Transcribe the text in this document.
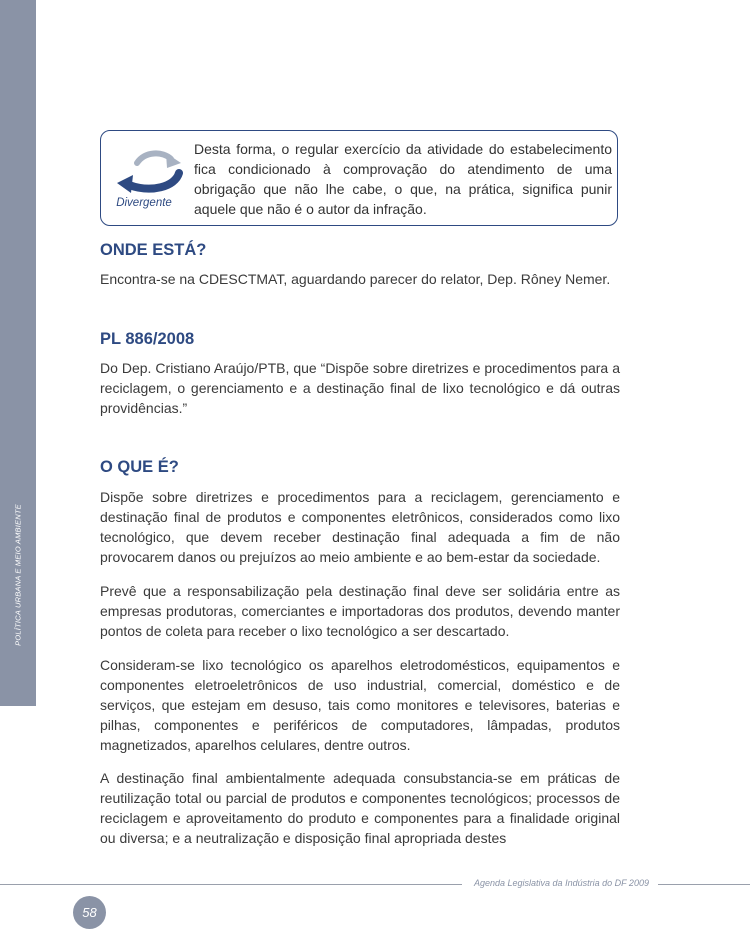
POLÍTICA URBANA E MEIO AMBIENTE
Divergente
Desta forma, o regular exercício da atividade do estabelecimento fica condicionado à comprovação do atendimento de uma obrigação que não lhe cabe, o que, na prática, significa punir aquele que não é o autor da infração.
ONDE ESTÁ?
Encontra-se na CDESCTMAT, aguardando parecer do relator, Dep. Rôney Nemer.
PL 886/2008
Do Dep. Cristiano Araújo/PTB, que “Dispõe sobre diretrizes e procedimentos para a reciclagem, o gerenciamento e a destinação final de lixo tecnológico e dá outras providências.”
O QUE É?
Dispõe sobre diretrizes e procedimentos para a reciclagem, gerenciamento e destinação final de produtos e componentes eletrônicos, considerados como lixo tecnológico, que devem receber destinação final adequada a fim de não provocarem danos ou prejuízos ao meio ambiente e ao bem-estar da sociedade.
Prevê que a responsabilização pela destinação final deve ser solidária entre as empresas produtoras, comerciantes e importadoras dos produtos, devendo manter pontos de coleta para receber o lixo tecnológico a ser descartado.
Consideram-se lixo tecnológico os aparelhos eletrodomésticos, equipamentos e componentes eletroeletrônicos de uso industrial, comercial, doméstico e de serviços, que estejam em desuso, tais como monitores e televisores, baterias e pilhas, componentes e periféricos de computadores, lâmpadas, produtos magnetizados, aparelhos celulares, dentre outros.
A destinação final ambientalmente adequada consubstancia-se em práticas de reutilização total ou parcial de produtos e componentes tecnológicos; processos de reciclagem e aproveitamento do produto e componentes para a finalidade original ou diversa; e a neutralização e disposição final apropriada destes
Agenda Legislativa da Indústria do DF 2009
58
